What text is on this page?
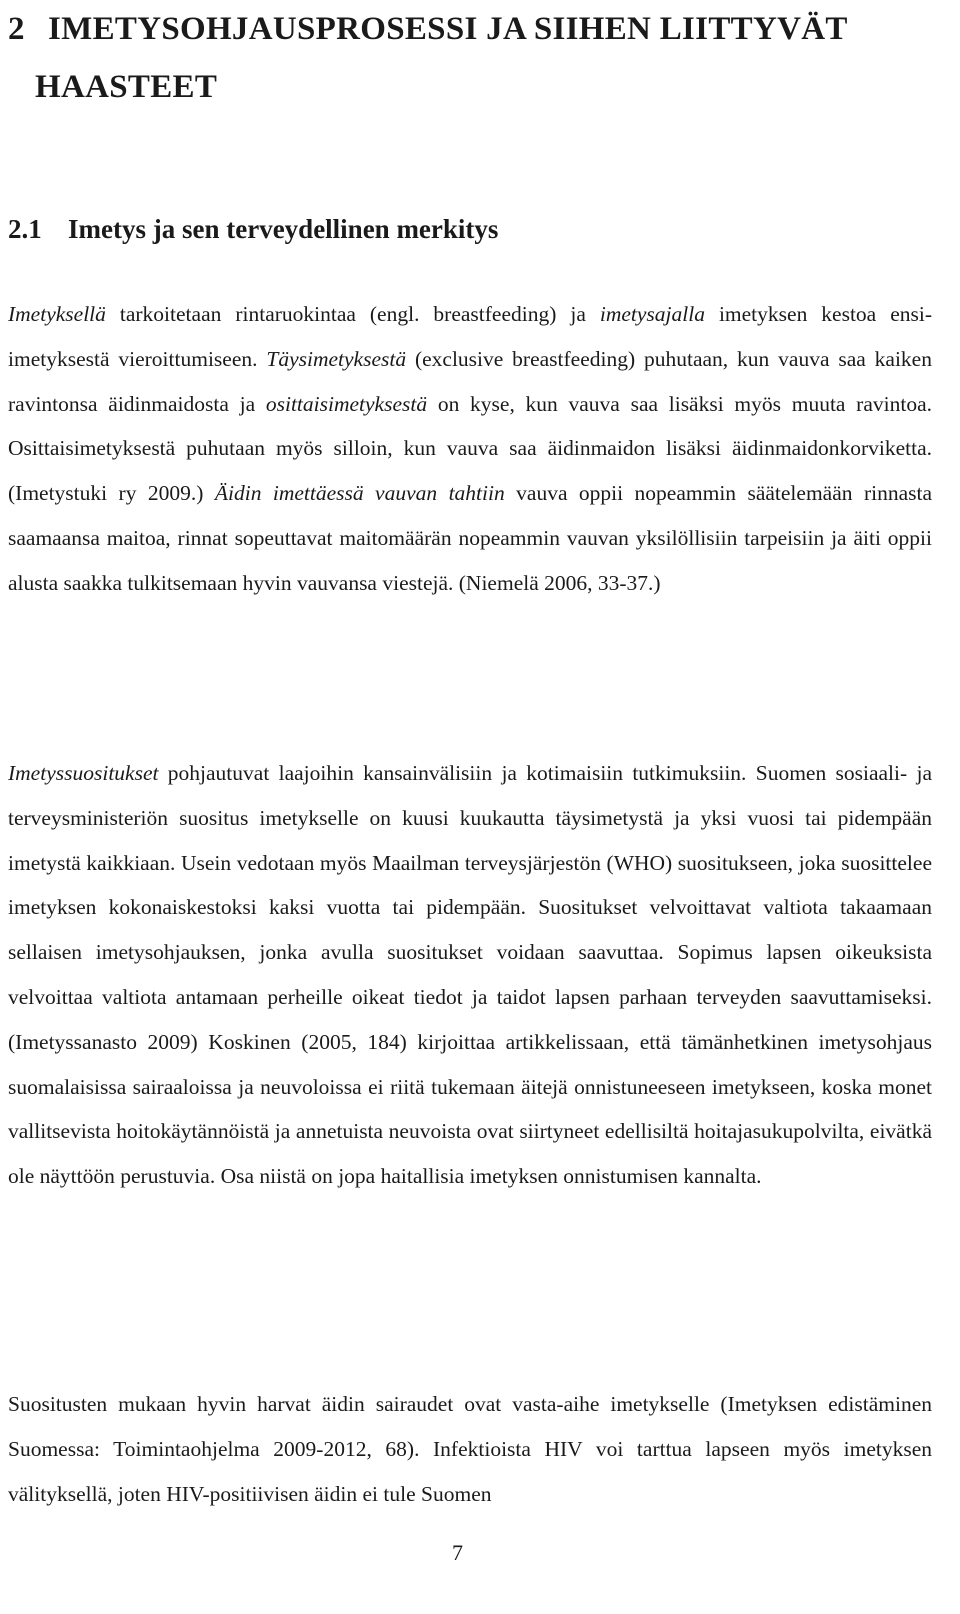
2 IMETYSOHJAUSPROSESSI JA SIIHEN LIITTYVÄT
HAASTEET
2.1 Imetys ja sen terveydellinen merkitys

Imetyksellä tarkoitetaan rintaruokintaa (engl. breastfeeding) ja imetysajalla imetyksen kestoa ensi-imetyksestä vieroittumiseen. Täysimetyksestä (exclusive breastfeeding) puhutaan, kun vauva saa kaiken ravintonsa äidinmaidosta ja osittaisimetyksestä on kyse, kun vauva saa lisäksi myös muuta ravintoa. Osittaisimetyksestä puhutaan myös silloin, kun vauva saa äidinmaidon lisäksi äidinmaidonkorviketta. (Imetystuki ry 2009.) Äidin imettäessä vauvan tahtiin vauva oppii nopeammin säätelemään rinnasta saamaansa maitoa, rinnat sopeuttavat maitomäärän nopeammin vauvan yksilöllisiin tarpeisiin ja äiti oppii alusta saakka tulkitsemaan hyvin vauvansa viestejä. (Niemelä 2006, 33-37.)

Imetyssuositukset pohjautuvat laajoihin kansainvälisiin ja kotimaisiin tutkimuksiin. Suomen sosiaali- ja terveysministeriön suositus imetykselle on kuusi kuukautta täysimetystä ja yksi vuosi tai pidempään imetystä kaikkiaan. Usein vedotaan myös Maailman terveysjärjestön (WHO) suositukseen, joka suosittelee imetyksen kokonaiskestoksi kaksi vuotta tai pidempään. Suositukset velvoittavat valtiota takaamaan sellaisen imetysohjauksen, jonka avulla suositukset voidaan saavuttaa. Sopimus lapsen oikeuksista velvoittaa valtiota antamaan perheille oikeat tiedot ja taidot lapsen parhaan terveyden saavuttamiseksi. (Imetyssanasto 2009) Koskinen (2005, 184) kirjoittaa artikkelissaan, että tämänhetkinen imetysohjaus suomalaisissa sairaaloissa ja neuvoloissa ei riitä tukemaan äitejä onnistuneeseen imetykseen, koska monet vallitsevista hoitokäytännöistä ja annetuista neuvoista ovat siirtyneet edellisiltä hoitajasukupolvilta, eivätkä ole näyttöön perustuvia. Osa niistä on jopa haitallisia imetyksen onnistumisen kannalta.

Suositusten mukaan hyvin harvat äidin sairaudet ovat vasta-aihe imetykselle (Imetyksen edistäminen Suomessa: Toimintaohjelma 2009-2012, 68). Infektioista HIV voi tarttua lapseen myös imetyksen välityksellä, joten HIV-positiivisen äidin ei tule Suomen

7
